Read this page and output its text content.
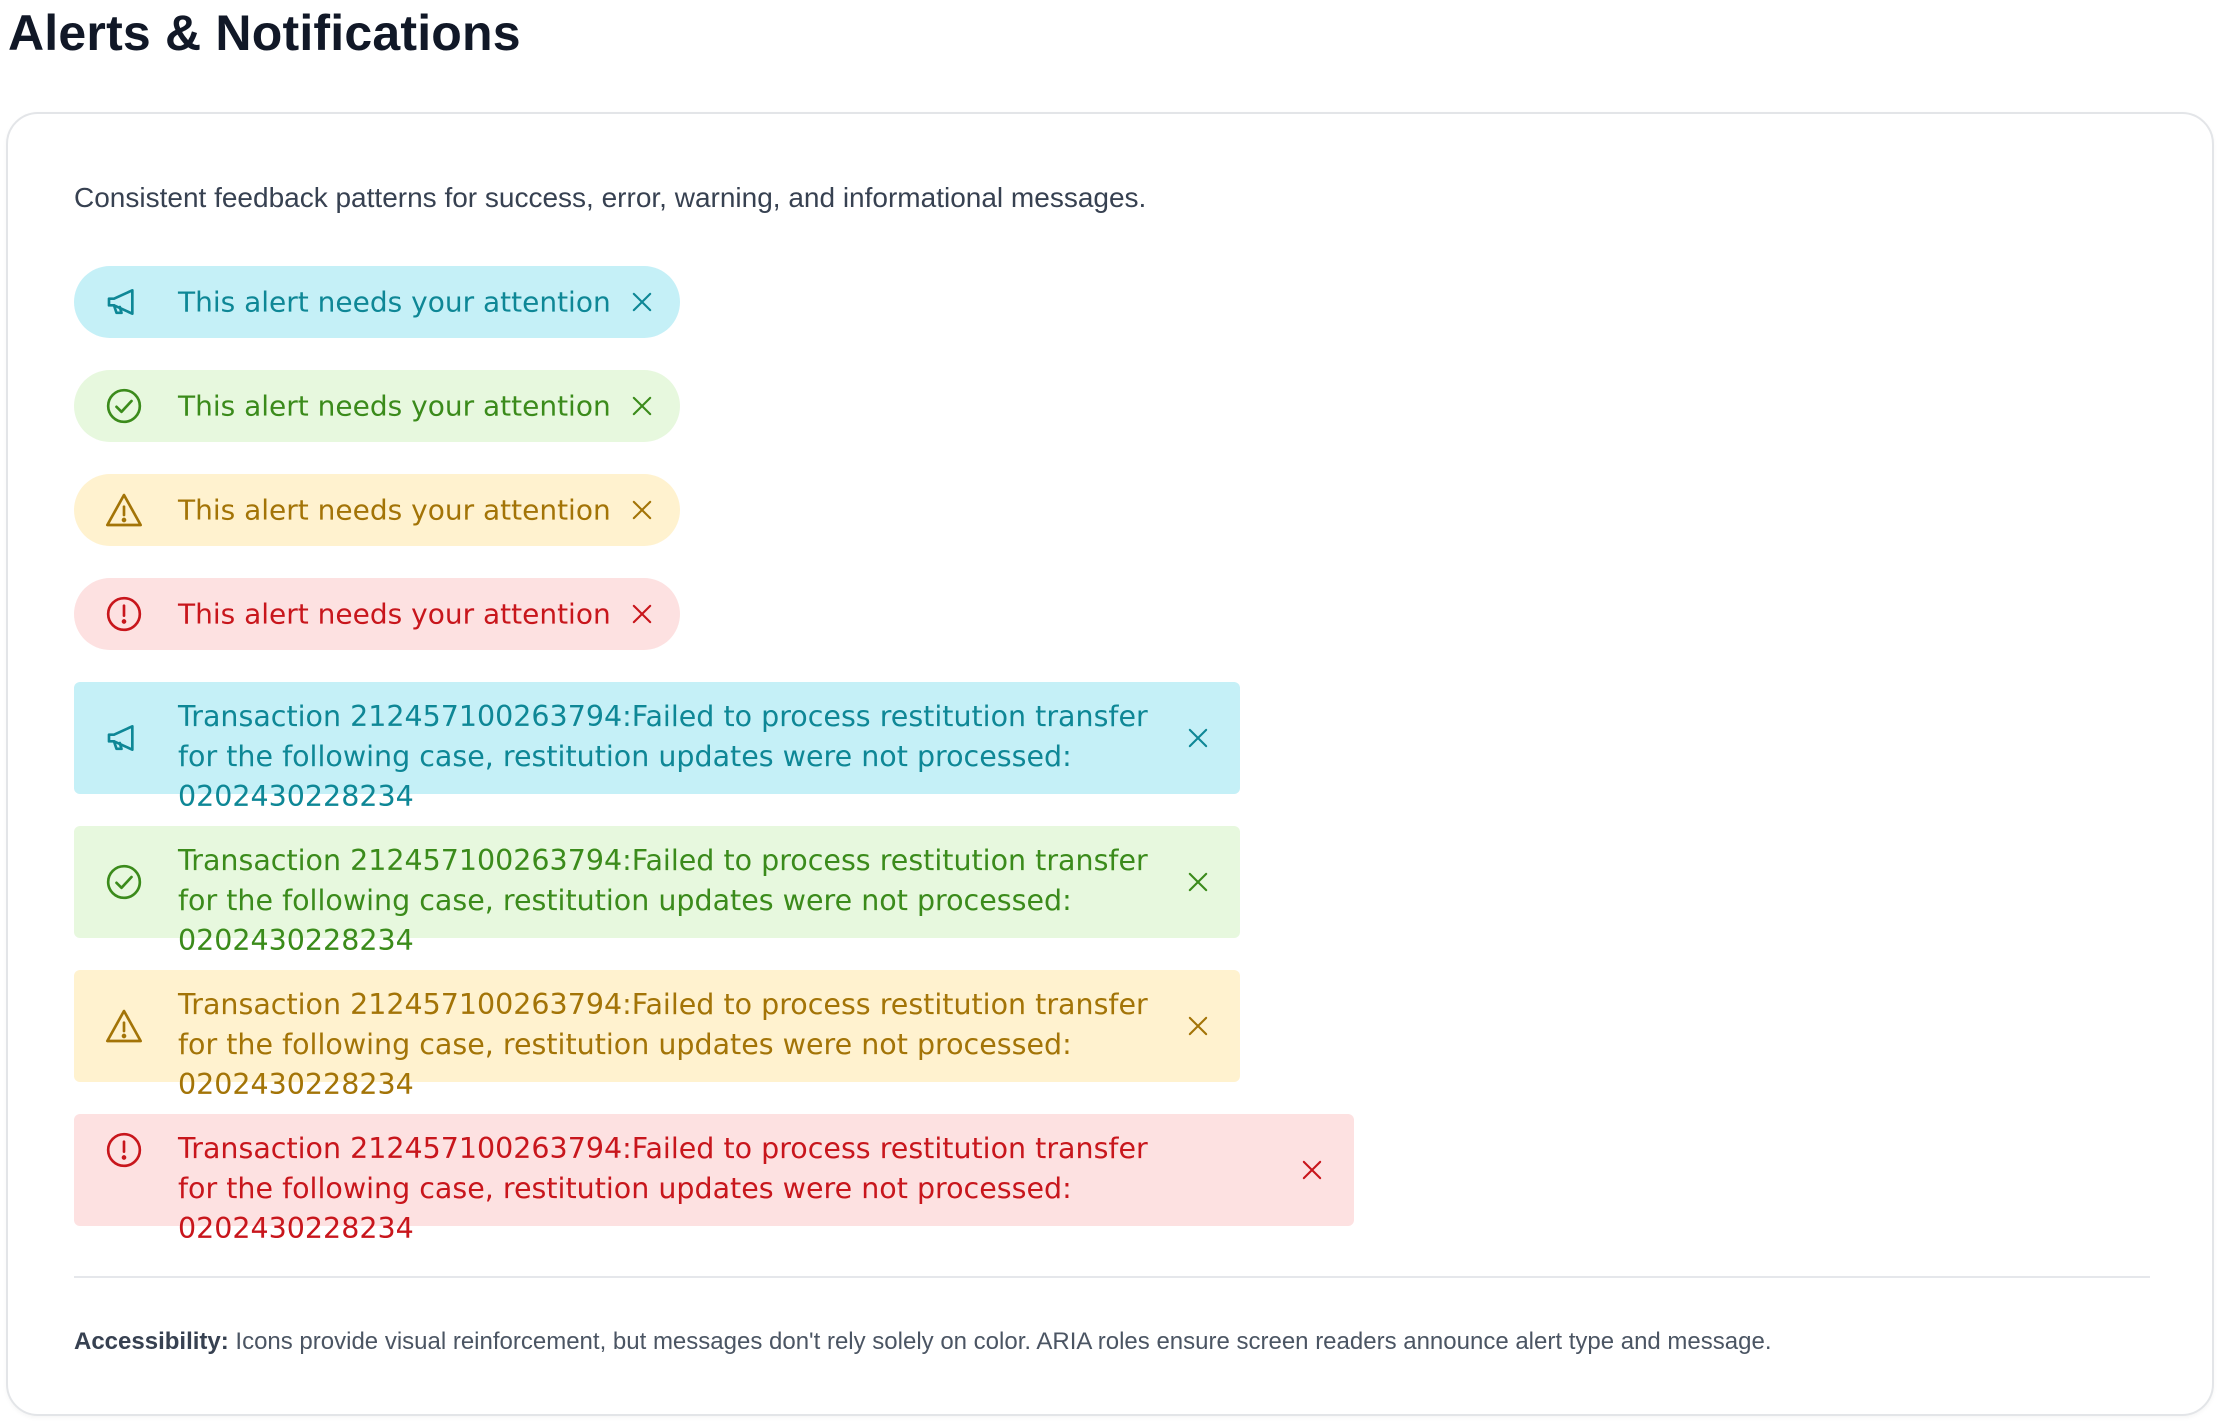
Alerts & Notifications

Consistent feedback patterns for success, error, warning, and informational messages.

This alert needs your attention
This alert needs your attention
This alert needs your attention
This alert needs your attention
Transaction 212457100263794:Failed to process restitution transfer for the following case, restitution updates were not processed: 0202430228234
Transaction 212457100263794:Failed to process restitution transfer for the following case, restitution updates were not processed: 0202430228234
Transaction 212457100263794:Failed to process restitution transfer for the following case, restitution updates were not processed: 0202430228234
Transaction 212457100263794:Failed to process restitution transfer for the following case, restitution updates were not processed: 0202430228234

Accessibility: Icons provide visual reinforcement, but messages don't rely solely on color. ARIA roles ensure screen readers announce alert type and message.
